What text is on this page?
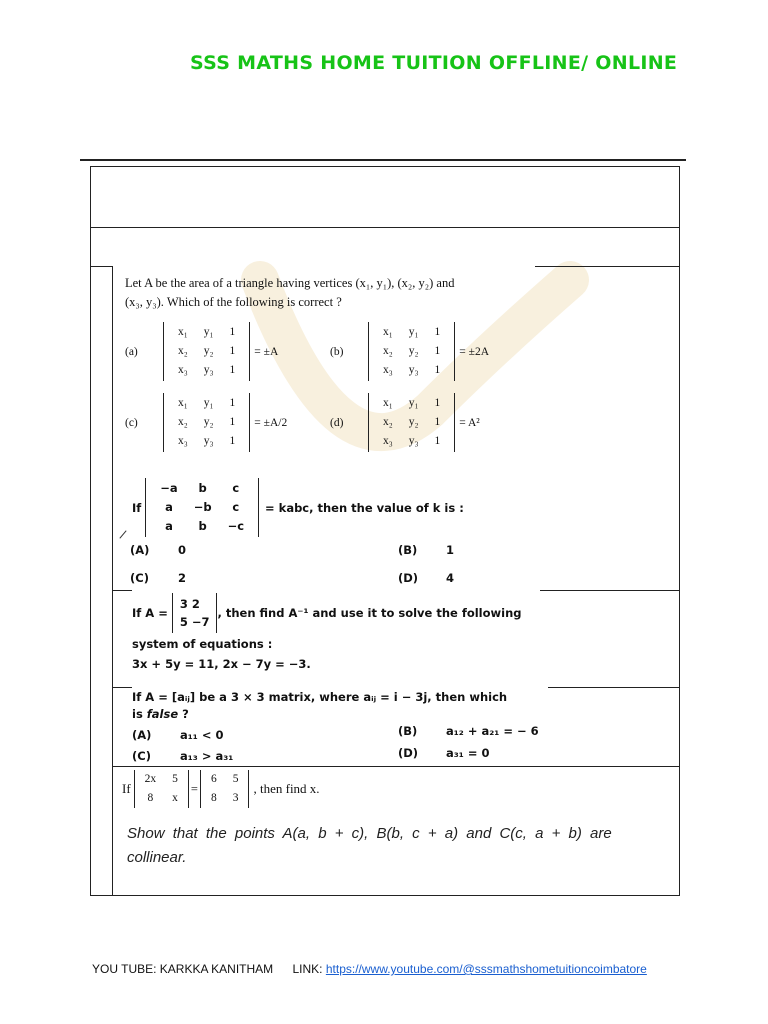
SSS MATHS HOME TUITION OFFLINE/ ONLINE
Let A be the area of a triangle having vertices (x₁, y₁), (x₂, y₂) and
(x₃, y₃). Which of the following is correct ?
(a)
x₁	y₁	1
x₂	y₂	1
x₃	y₃	1
= ±A	(b)
x₁	y₁	1
x₂	y₂	1
x₃	y₃	1
= ±2A
(c)
x₁	y₁	1
x₂	y₂	1
x₃	y₃	1
= ±A/2	(d)
x₁	y₁	1
x₂	y₂	1
x₃	y₃	1
= A²
If
−a	b	c
a	−b	c
a	b	−c
= kabc, then the value of k is :
(A)	0	(B)	1
(C)	2	(D)	4
If A =
3	2
5	−7
, then find A⁻¹ and use it to solve the following
system of equations :
3x + 5y = 11, 2x − 7y = −3.
If A = [aᵢⱼ] be a 3 × 3 matrix, where aᵢⱼ = i − 3j, then which
is false ?
(A)	a₁₁ < 0	(B)	a₁₂ + a₂₁ = − 6
(C)	a₁₃ > a₃₁	(D)	a₃₁ = 0
If
2x	5
8	x
=
6	5
8	3
, then find x.
Show that the points A(a, b + c), B(b, c + a) and C(c, a + b) are
collinear.
YOU TUBE: KARKKA KANITHAM LINK: https://www.youtube.com/@sssmathshometuitioncoimbatore
